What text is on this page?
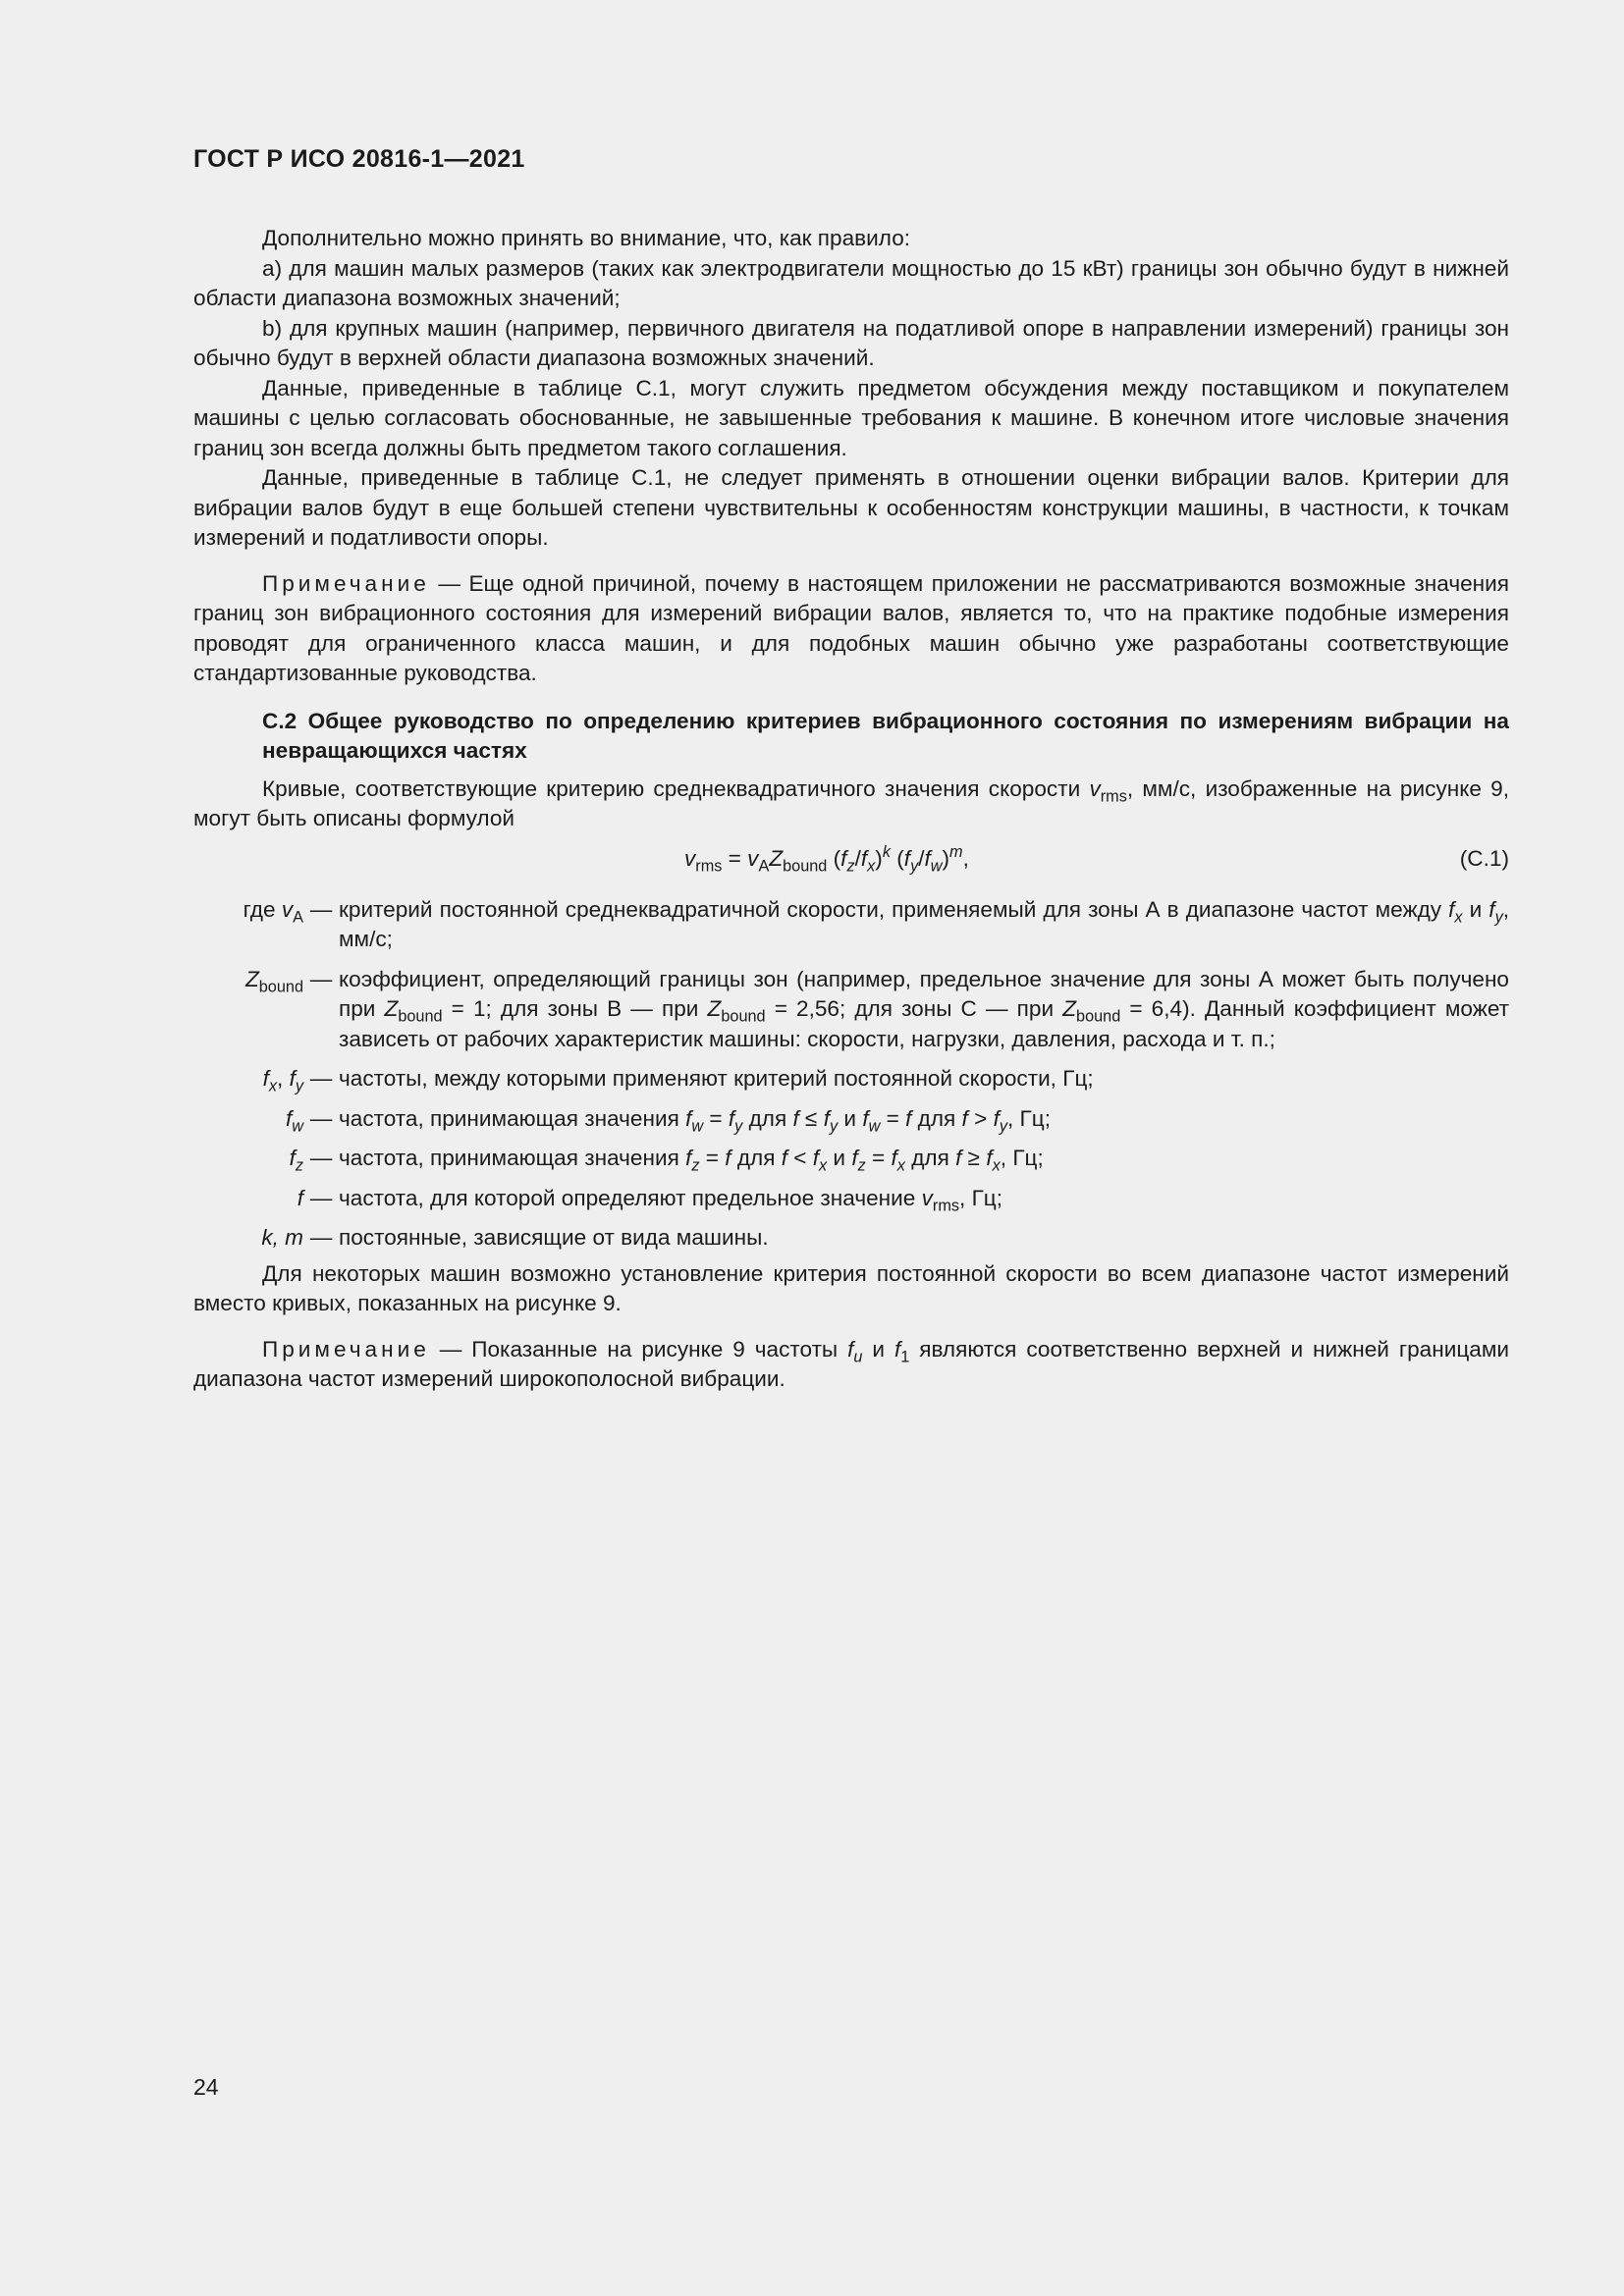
ГОСТ Р ИСО 20816-1—2021

Дополнительно можно принять во внимание, что, как правило:

a) для машин малых размеров (таких как электродвигатели мощностью до 15 кВт) границы зон обычно будут в нижней области диапазона возможных значений;

b) для крупных машин (например, первичного двигателя на податливой опоре в направлении измерений) границы зон обычно будут в верхней области диапазона возможных значений.

Данные, приведенные в таблице С.1, могут служить предметом обсуждения между поставщиком и покупателем машины с целью согласовать обоснованные, не завышенные требования к машине. В конечном итоге числовые значения границ зон всегда должны быть предметом такого соглашения.

Данные, приведенные в таблице С.1, не следует применять в отношении оценки вибрации валов. Критерии для вибрации валов будут в еще большей степени чувствительны к особенностям конструкции машины, в частности, к точкам измерений и податливости опоры.

Примечание — Еще одной причиной, почему в настоящем приложении не рассматриваются возможные значения границ зон вибрационного состояния для измерений вибрации валов, является то, что на практике подобные измерения проводят для ограниченного класса машин, и для подобных машин обычно уже разработаны соответствующие стандартизованные руководства.

С.2 Общее руководство по определению критериев вибрационного состояния по измерениям вибрации на невращающихся частях

Кривые, соответствующие критерию среднеквадратичного значения скорости $v_{rms}$, мм/с, изображенные на рисунке 9, могут быть описаны формулой

$v_{rms} = v_AZ_{bound}$ $(f_z/f_x)^k$ $(f_y/f_w)^m$,	(С.1)
где $v_A$ — критерий постоянной среднеквадратичной скорости, применяемый для зоны А в диапазоне частот между $f_x$ и $f_y$, мм/с;
$Z_{bound}$ — коэффициент, определяющий границы зон (например, предельное значение для зоны А может быть получено при $Z_{bound} = 1$; для зоны В — при $Z_{bound} = 2,56$; для зоны С — при $Z_{bound} = 6,4$). Данный коэффициент может зависеть от рабочих характеристик машины: скорости, нагрузки, давления, расхода и т. п.;
$f_x$, $f_y$ — частоты, между которыми применяют критерий постоянной скорости, Гц;
$f_w$ — частота, принимающая значения $f_w = f_y$ для $f \le f_y$ и $f_w = f$ для $f > f_y$, Гц;
$f_z$ — частота, принимающая значения $f_z = f$ для $f < f_x$ и $f_z = f_x$ для $f \ge f_x$, Гц;
f — частота, для которой определяют предельное значение $v_{rms}$, Гц;
k, m — постоянные, зависящие от вида машины.

Для некоторых машин возможно установление критерия постоянной скорости во всем диапазоне частот измерений вместо кривых, показанных на рисунке 9.

Примечание — Показанные на рисунке 9 частоты $f_u$ и $f_1$ являются соответственно верхней и нижней границами диапазона частот измерений широкополосной вибрации.

24
